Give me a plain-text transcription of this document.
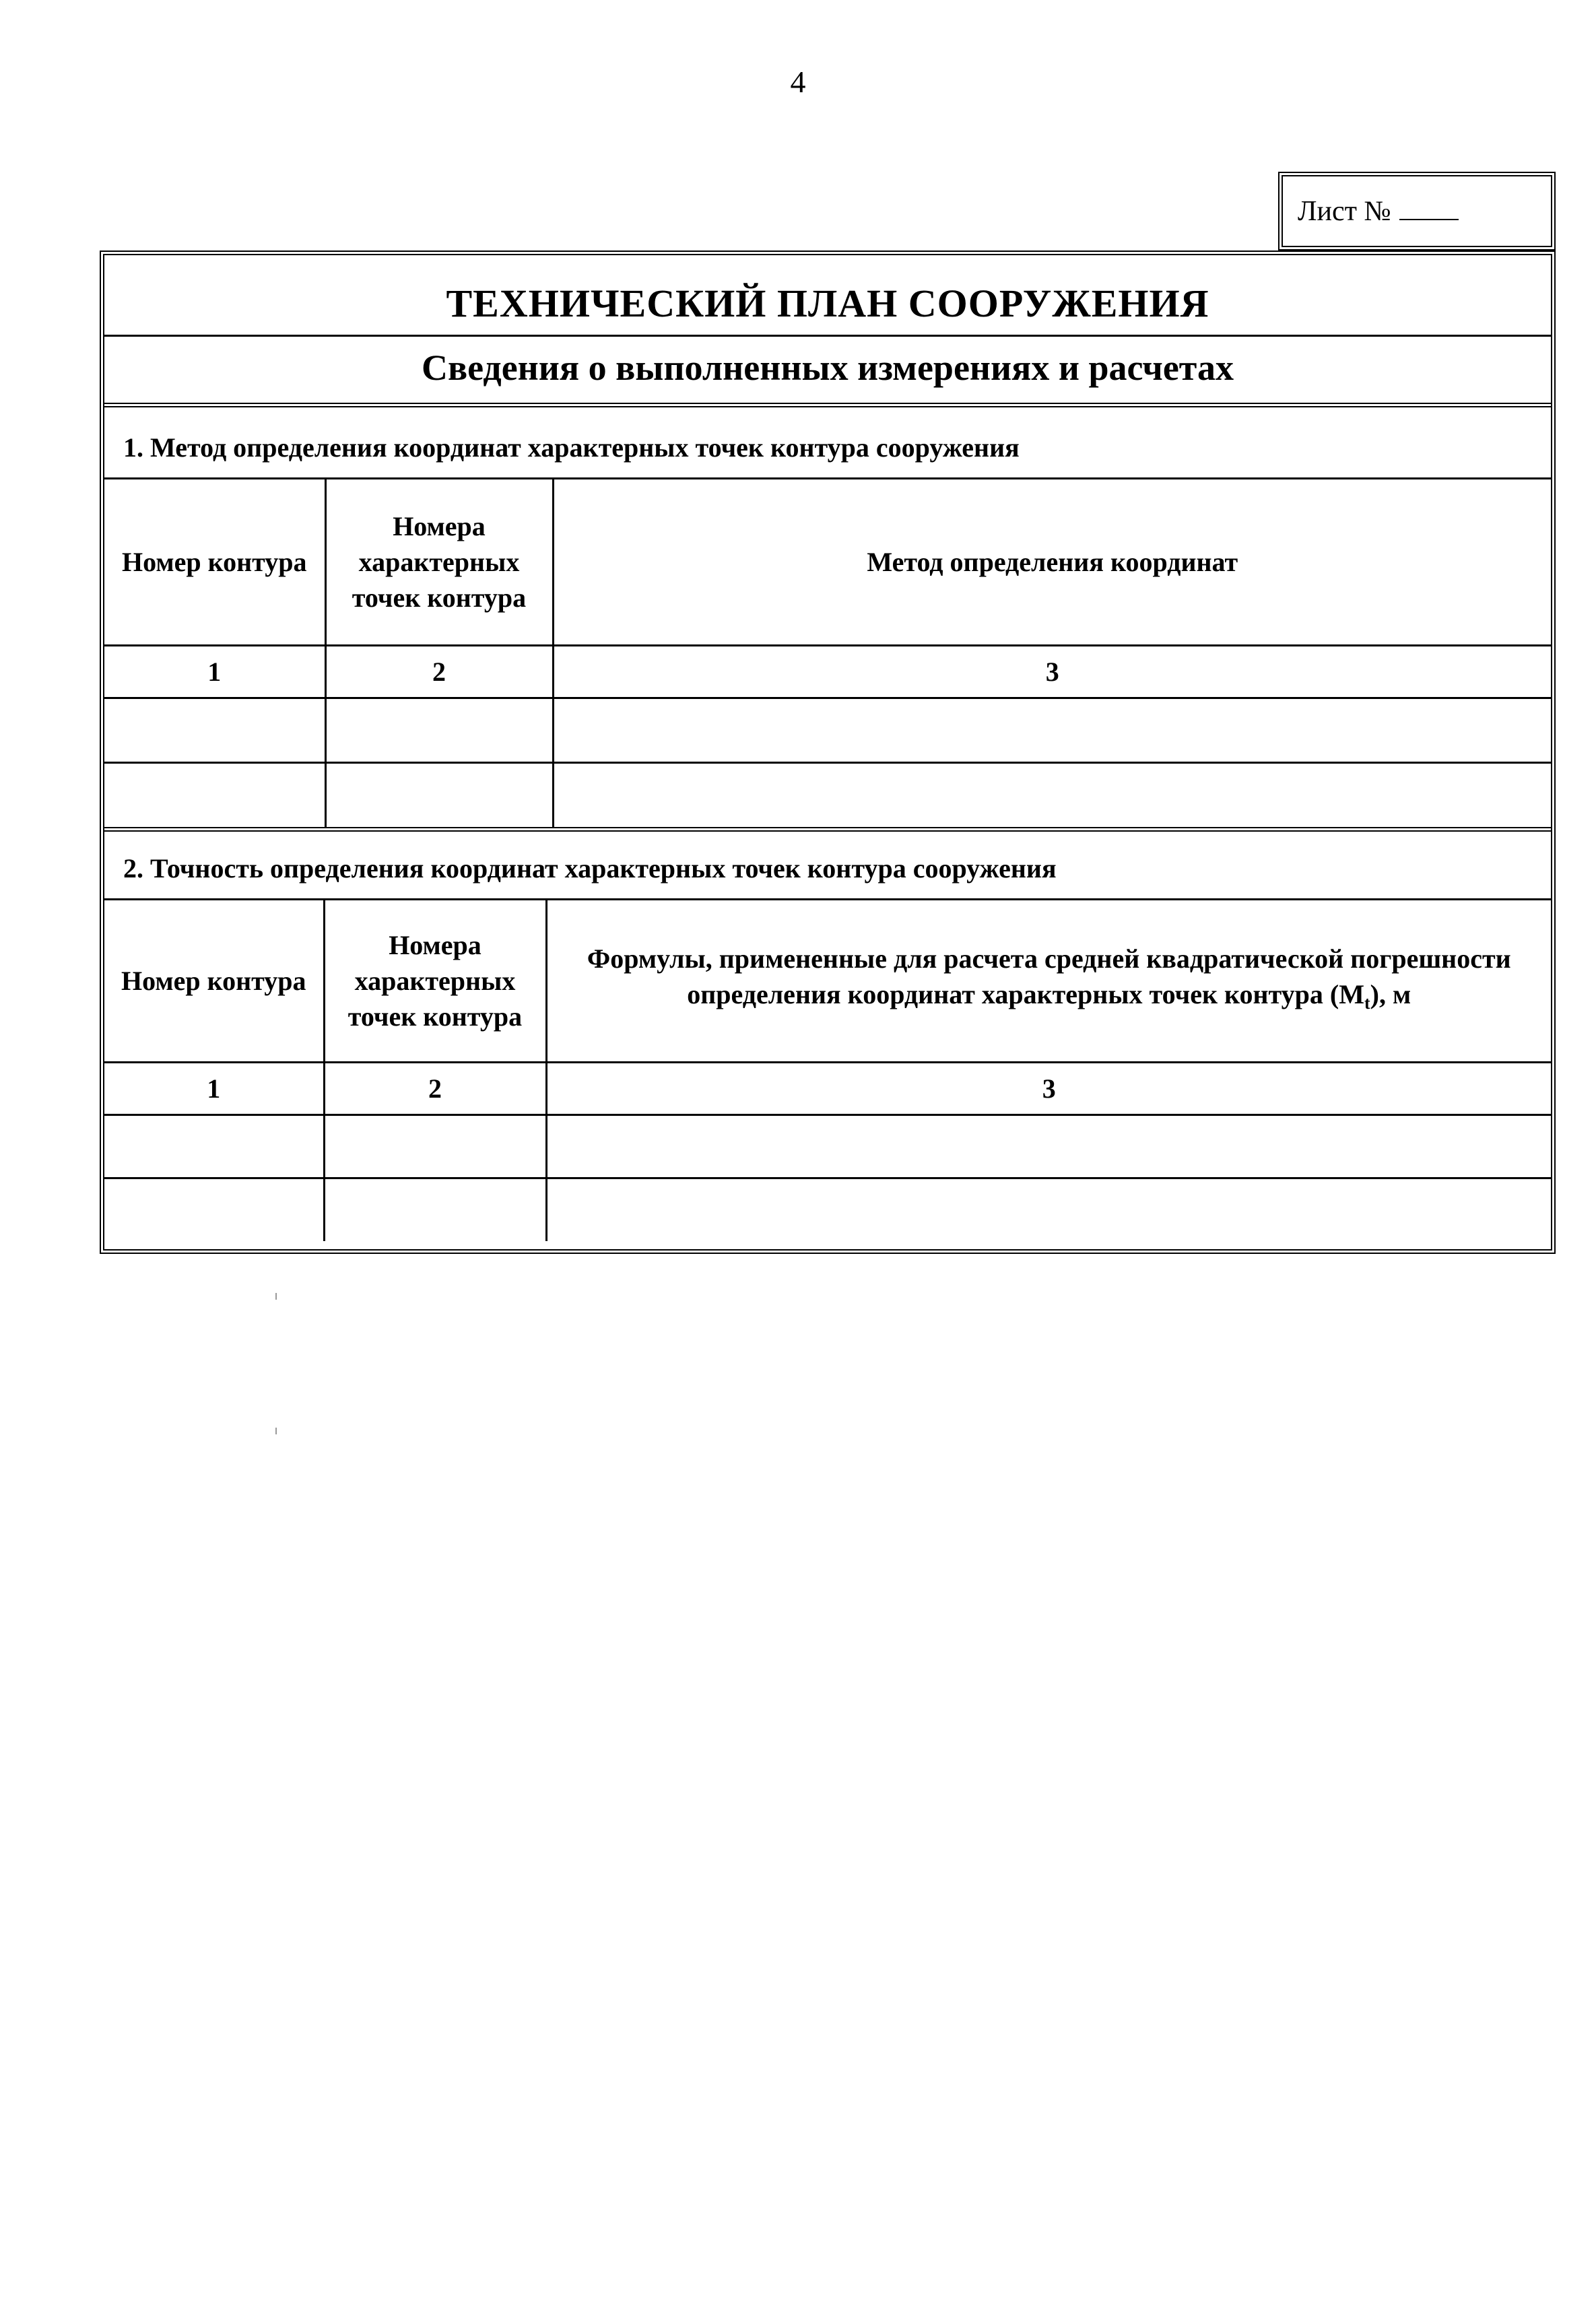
4
Лист №
ТЕХНИЧЕСКИЙ ПЛАН СООРУЖЕНИЯ
Сведения о выполненных измерениях и расчетах
1. Метод определения координат характерных точек контура сооружения
Номер контура	Номера характерных точек контура	Метод определения координат
1	2	3

2. Точность определения координат характерных точек контура сооружения
Номер контура	Номера характерных точек контура	Формулы, примененные для расчета средней квадратической погрешности определения координат характерных точек контура $(M_t)$, м
1	2	3
